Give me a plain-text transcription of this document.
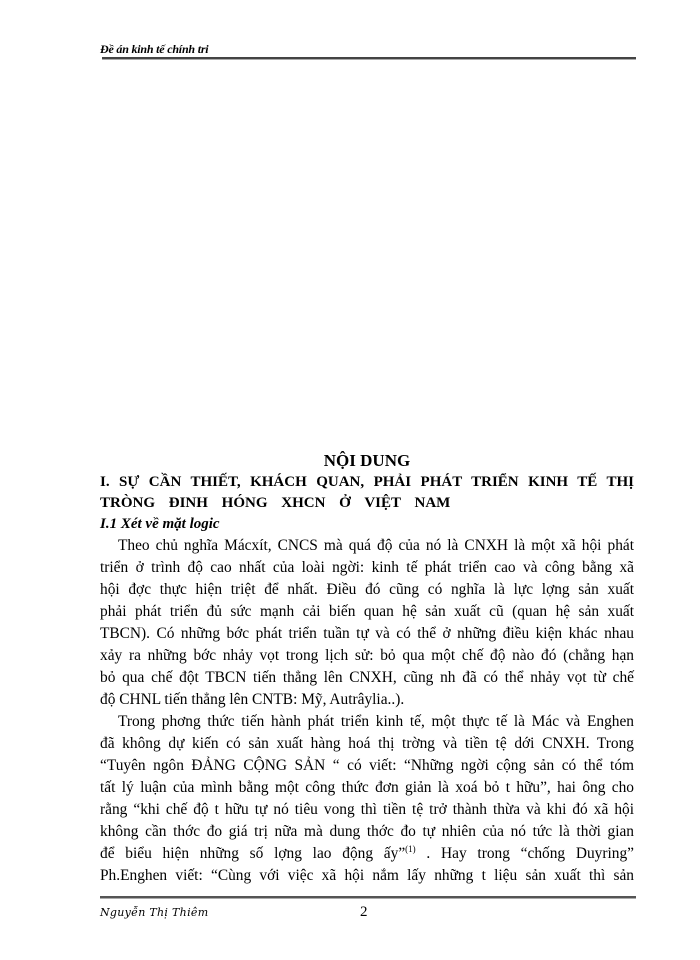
Đề án kinh tế chính tri
NỘI DUNG
I. SỰ CẦN THIẾT, KHÁCH QUAN, PHẢI PHÁT TRIỂN KINH TẾ THỊ
TRÒNG ĐINH HÓNG XHCN Ở VIỆT NAM
I.1 Xét về mặt logic
Theo chủ nghĩa Mácxít, CNCS mà quá độ của nó là CNXH là một xã hội phát
triển ở trình độ cao nhất của loài ngời: kinh tế phát triển cao và công bằng xã
hội đợc thực hiện triệt để nhất. Điều đó cũng có nghĩa là lực lợng sản xuất
phải phát triển đủ sức mạnh cải biến quan hệ sản xuất cũ (quan hệ sản xuất
TBCN). Có những bớc phát triển tuần tự và có thể ở những điều kiện khác nhau
xảy ra những bớc nhảy vọt trong lịch sử: bỏ qua một chế độ nào đó (chẳng hạn
bỏ qua chế đột TBCN tiến thẳng lên CNXH, cũng nh đã có thể nhảy vọt từ chế
độ CHNL tiến thẳng lên CNTB: Mỹ, Autrâylia..).
Trong phơng thức tiến hành phát triển kinh tế, một thực tế là Mác và Enghen
đã không dự kiến có sản xuất hàng hoá thị trờng và tiền tệ dới CNXH. Trong
“Tuyên ngôn ĐẢNG CỘNG SẢN “ có viết: “Những ngời cộng sản có thể tóm
tất lý luận của mình bằng một công thức đơn giản là xoá bỏ t hữu”, hai ông cho
rằng “khi chế độ t hữu tự nó tiêu vong thì tiền tệ trở thành thừa và khi đó xã hội
không cần thớc đo giá trị nữa mà dung thớc đo tự nhiên của nó tức là thời gian
để biểu hiện những số lợng lao động ấy”$^{(1)}$ . Hay trong “chống Duyring”
Ph.Enghen viết: “Cùng với việc xã hội nắm lấy những t liệu sản xuất thì sản
Nguyễn Thị Thiêm	2
